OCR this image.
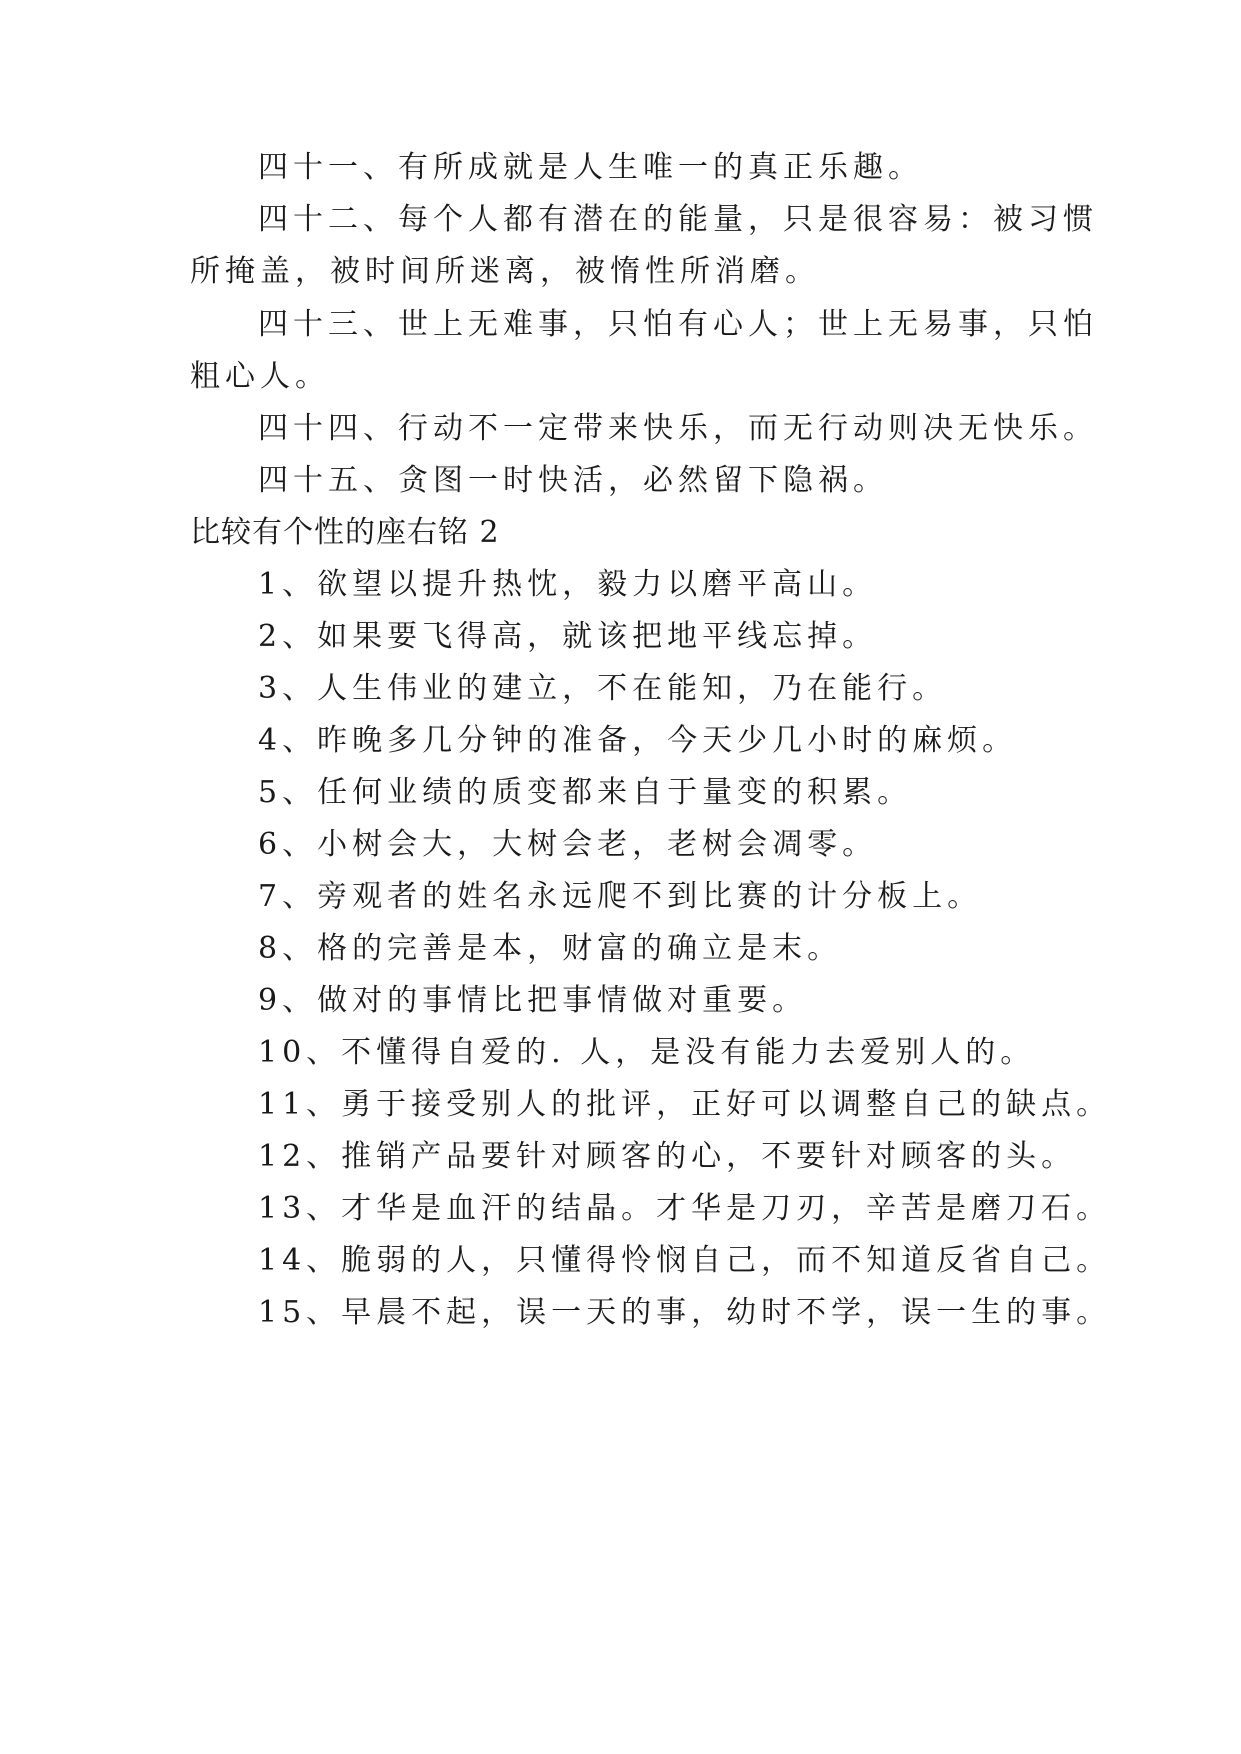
四十一、有所成就是人生唯一的真正乐趣。
四十二、每个人都有潜在的能量，只是很容易：被习惯
所掩盖，被时间所迷离，被惰性所消磨。
四十三、世上无难事，只怕有心人；世上无易事，只怕
粗心人。
四十四、行动不一定带来快乐，而无行动则决无快乐。
四十五、贪图一时快活，必然留下隐祸。
比较有个性的座右铭 2
1、欲望以提升热忱，毅力以磨平高山。
2、如果要飞得高，就该把地平线忘掉。
3、人生伟业的建立，不在能知，乃在能行。
4、昨晚多几分钟的准备，今天少几小时的麻烦。
5、任何业绩的质变都来自于量变的积累。
6、小树会大，大树会老，老树会凋零。
7、旁观者的姓名永远爬不到比赛的计分板上。
8、格的完善是本，财富的确立是末。
9、做对的事情比把事情做对重要。
10、不懂得自爱的. 人，是没有能力去爱别人的。
11、勇于接受别人的批评，正好可以调整自己的缺点。
12、推销产品要针对顾客的心，不要针对顾客的头。
13、才华是血汗的结晶。才华是刀刃，辛苦是磨刀石。
14、脆弱的人，只懂得怜悯自己，而不知道反省自己。
15、早晨不起，误一天的事，幼时不学，误一生的事。
